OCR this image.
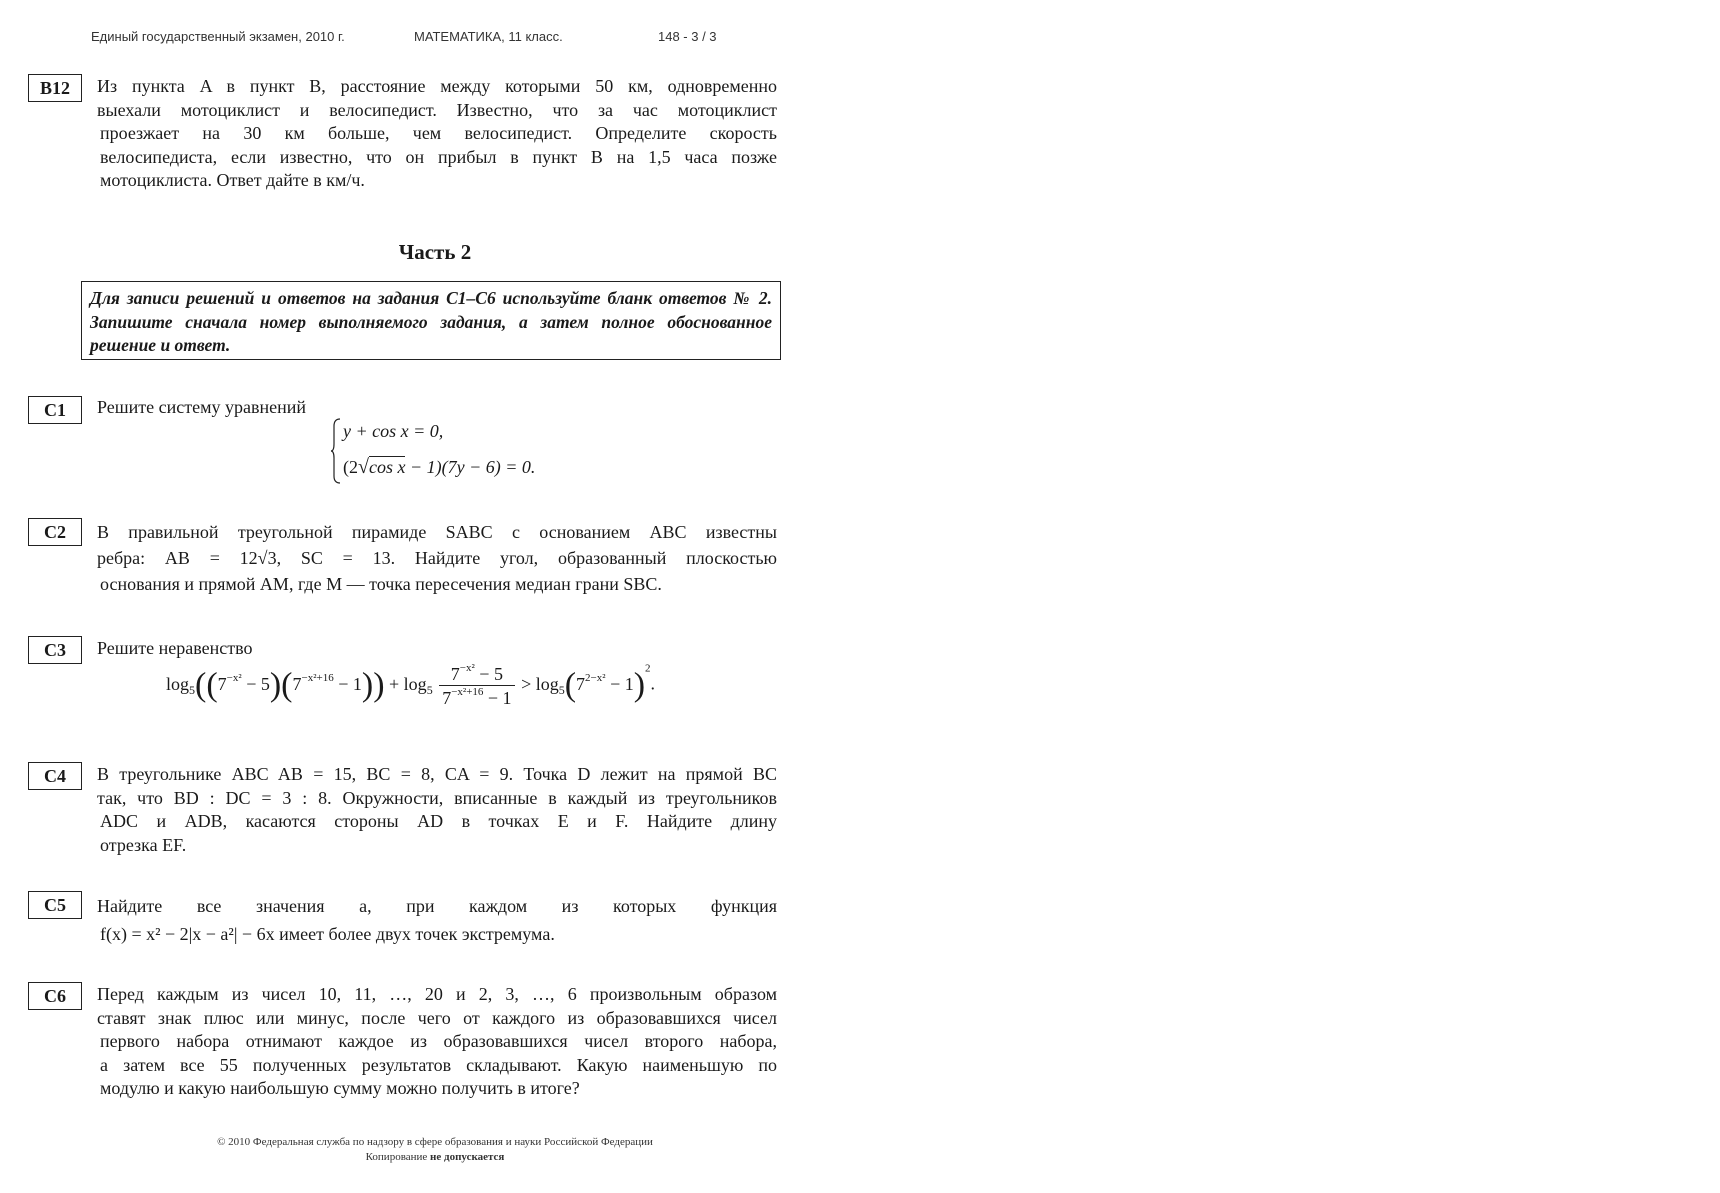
Единый государственный экзамен, 2010 г.	МАТЕМАТИКА, 11 класс.	148 - 3 / 3
B12	Из пункта A в пункт B, расстояние между которыми 50 км, одновременно
выехали мотоциклист и велосипедист. Известно, что за час мотоциклист
проезжает на 30 км больше, чем велосипедист. Определите скорость
велосипедиста, если известно, что он прибыл в пункт B на 1,5 часа позже
мотоциклиста. Ответ дайте в км/ч.
Часть 2
Для записи решений и ответов на задания C1–C6 используйте бланк ответов № 2. Запишите сначала номер выполняемого задания, а затем полное обоснованное решение и ответ.
C1	Решите систему уравнений
y + cos x = 0,
(2√cos x − 1)(7y − 6) = 0.
C2	В правильной треугольной пирамиде SABC с основанием ABC известны
ребра: AB = 12√3, SC = 13. Найдите угол, образованный плоскостью
основания и прямой AM, где M — точка пересечения медиан грани SBC.
C3	Решите неравенство
$\log_5((7^{-x^2} - 5)(7^{-x^2+16} - 1)) + \log_5 \frac{7^{-x^2} - 5}{7^{-x^2+16} - 1} > \log_5(7^{2-x^2} - 1)^2$.
C4	В треугольнике ABC AB = 15, BC = 8, CA = 9. Точка D лежит на прямой BC
так, что BD : DC = 3 : 8. Окружности, вписанные в каждый из треугольников
ADC и ADB, касаются стороны AD в точках E и F. Найдите длину
отрезка EF.
C5	Найдите все значения a, при каждом из которых функция
f(x) = x² − 2|x − a²| − 6x имеет более двух точек экстремума.
C6	Перед каждым из чисел 10, 11, …, 20 и 2, 3, …, 6 произвольным образом
ставят знак плюс или минус, после чего от каждого из образовавшихся чисел
первого набора отнимают каждое из образовавшихся чисел второго набора,
а затем все 55 полученных результатов складывают. Какую наименьшую по
модулю и какую наибольшую сумму можно получить в итоге?
© 2010 Федеральная служба по надзору в сфере образования и науки Российской Федерации
Копирование не допускается
